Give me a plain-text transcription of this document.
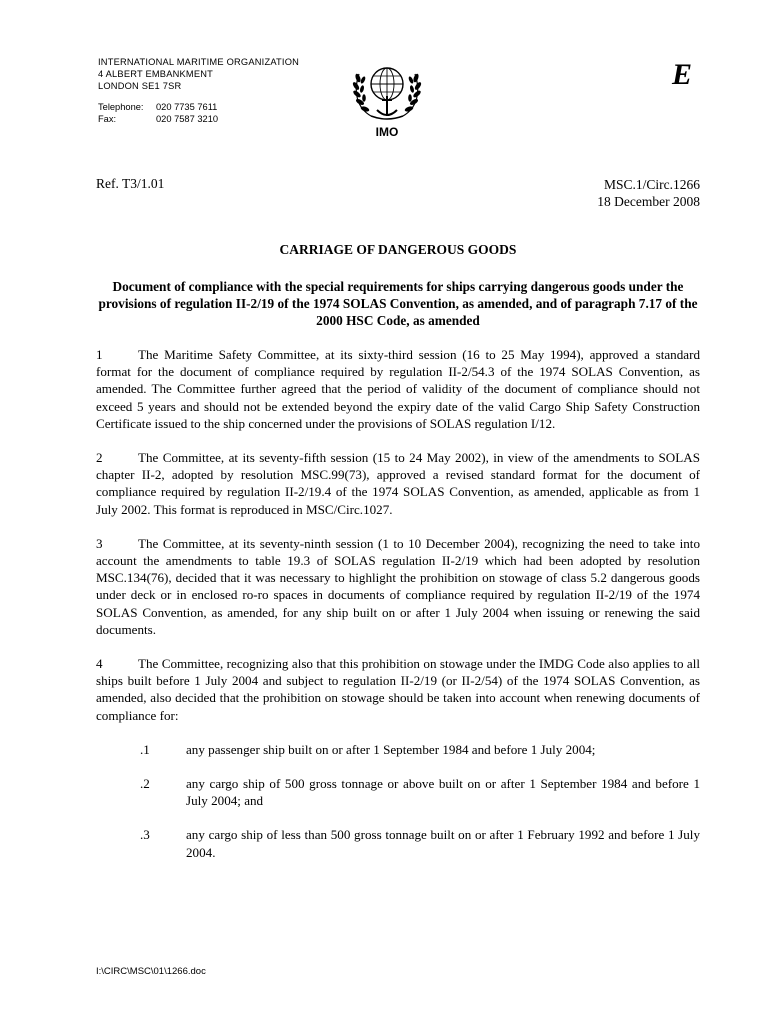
INTERNATIONAL MARITIME ORGANIZATION
4 ALBERT EMBANKMENT
LONDON SE1 7SR
Telephone: 020 7735 7611
Fax:	020 7587 3210
IMO
E
Ref. T3/1.01	MSC.1/Circ.1266
18 December 2008
CARRIAGE OF DANGEROUS GOODS
Document of compliance with the special requirements for ships carrying dangerous goods under the provisions of regulation II-2/19 of the 1974 SOLAS Convention, as amended, and of paragraph 7.17 of the 2000 HSC Code, as amended

1	The Maritime Safety Committee, at its sixty-third session (16 to 25 May 1994), approved a standard format for the document of compliance required by regulation II-2/54.3 of the 1974 SOLAS Convention, as amended. The Committee further agreed that the period of validity of the document of compliance should not exceed 5 years and should not be extended beyond the expiry date of the valid Cargo Ship Safety Construction Certificate issued to the ship concerned under the provisions of SOLAS regulation I/12.

2	The Committee, at its seventy-fifth session (15 to 24 May 2002), in view of the amendments to SOLAS chapter II-2, adopted by resolution MSC.99(73), approved a revised standard format for the document of compliance required by regulation II-2/19.4 of the 1974 SOLAS Convention, as amended, applicable as from 1 July 2002. This format is reproduced in MSC/Circ.1027.

3	The Committee, at its seventy-ninth session (1 to 10 December 2004), recognizing the need to take into account the amendments to table 19.3 of SOLAS regulation II-2/19 which had been adopted by resolution MSC.134(76), decided that it was necessary to highlight the prohibition on stowage of class 5.2 dangerous goods under deck or in enclosed ro-ro spaces in documents of compliance required by regulation II-2/19 of the 1974 SOLAS Convention, as amended, for any ship built on or after 1 July 2004 when issuing or renewing the said documents.

4	The Committee, recognizing also that this prohibition on stowage under the IMDG Code also applies to all ships built before 1 July 2004 and subject to regulation II-2/19 (or II-2/54) of the 1974 SOLAS Convention, as amended, also decided that the prohibition on stowage should be taken into account when renewing documents of compliance for:

.1	any passenger ship built on or after 1 September 1984 and before 1 July 2004;
.2	any cargo ship of 500 gross tonnage or above built on or after 1 September 1984 and before 1 July 2004; and
.3	any cargo ship of less than 500 gross tonnage built on or after 1 February 1992 and before 1 July 2004.
I:\CIRC\MSC\01\1266.doc
